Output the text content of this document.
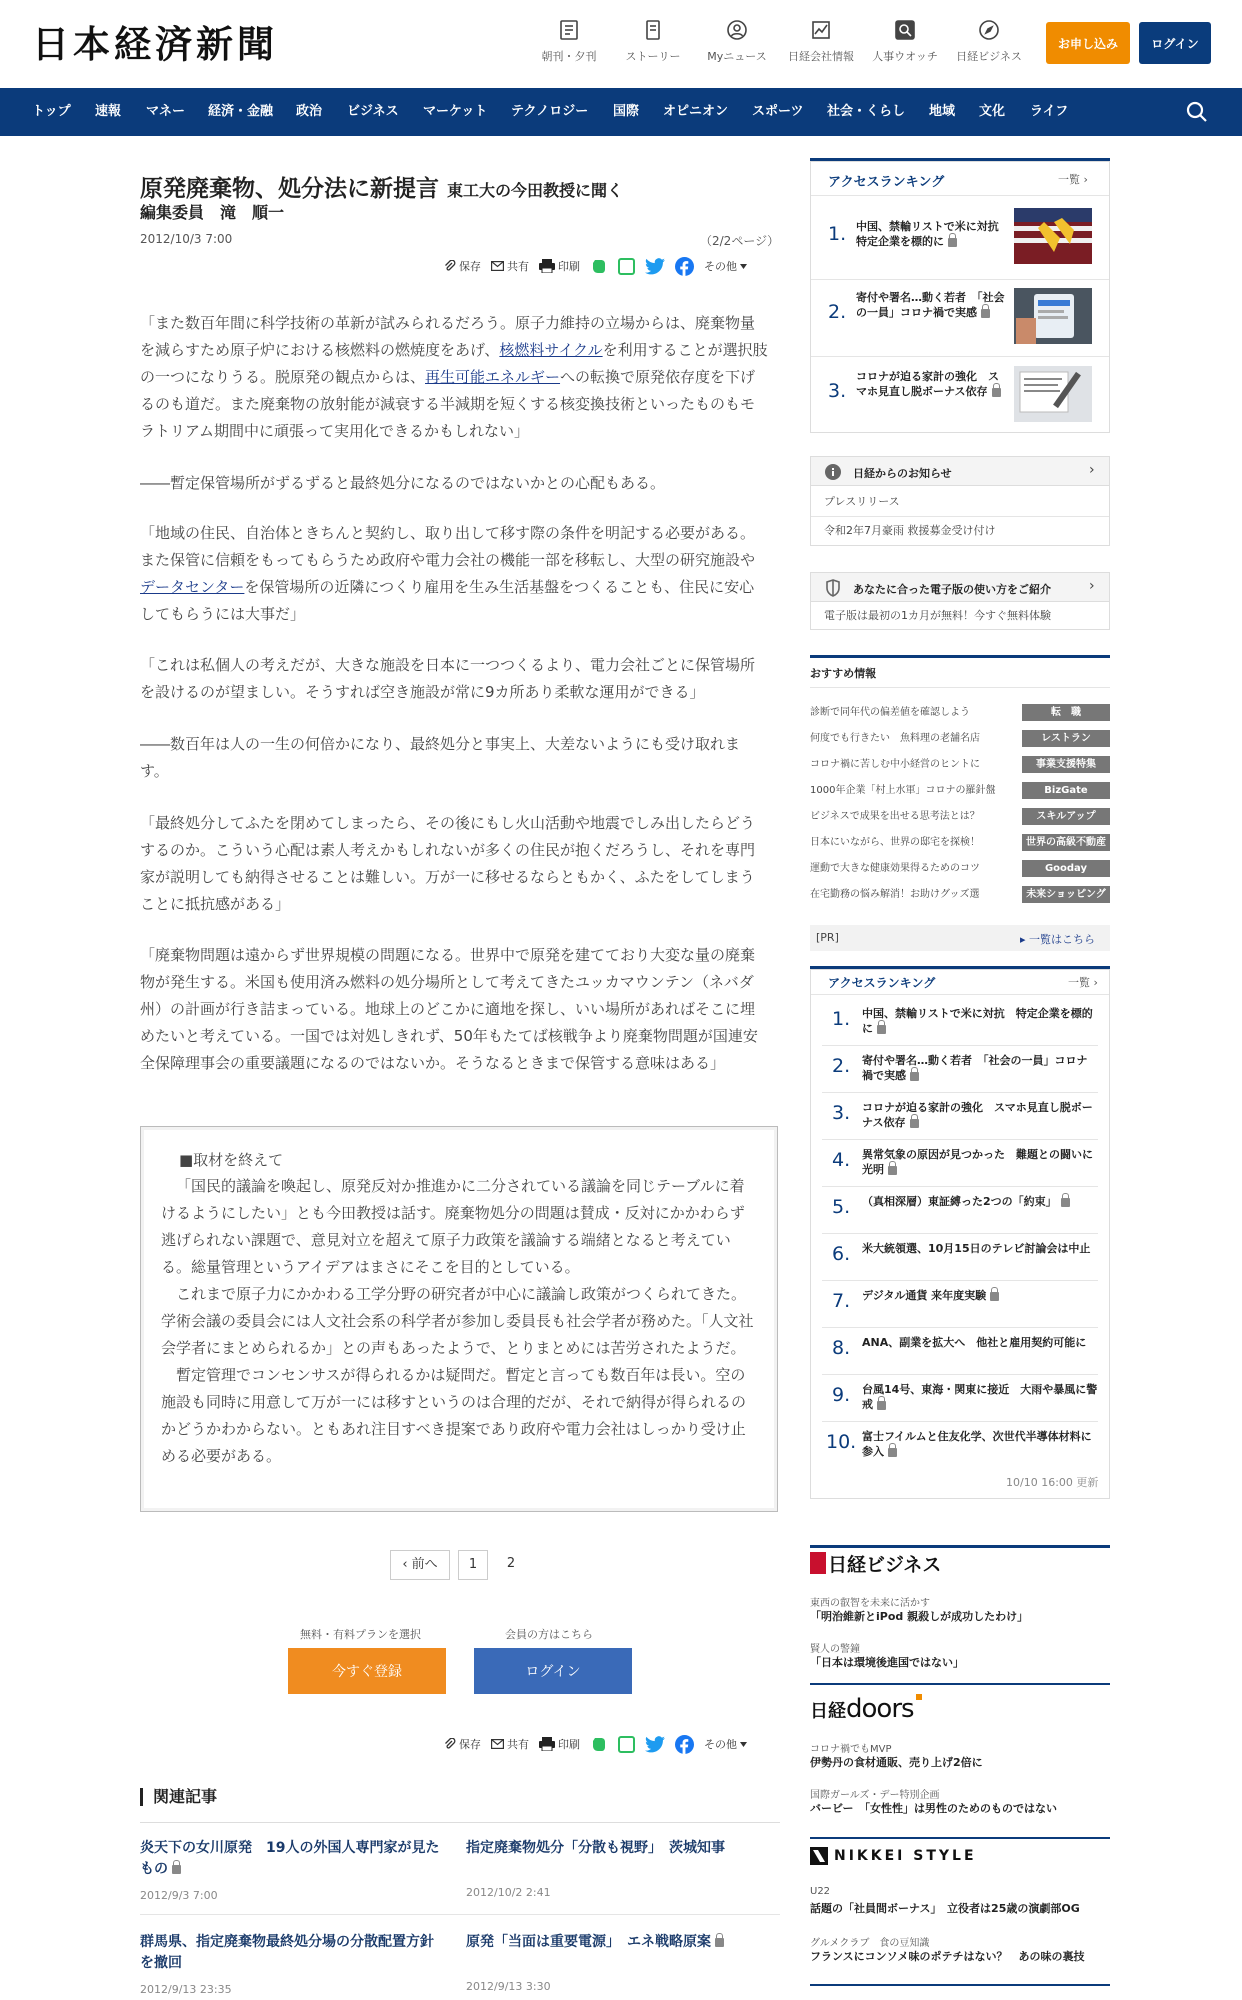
日本経済新聞	朝刊・夕刊	ストーリー	Myニュース	日経会社情報	人事ウオッチ	日経ビジネス
お申し込み	ログイン
トップ 速報 マネー 経済・金融 政治 ビジネス マーケット テクノロジー 国際 オピニオン スポーツ 社会・くらし 地域 文化 ライフ
原発廃棄物、処分法に新提言 東工大の今田教授に聞く
編集委員　滝　順一
2012/10/3 7:00	（2/2ページ）
保存 共有	印刷	その他
「また数百年間に科学技術の革新が試みられるだろう。原子力維持の立場からは、廃棄物量を減らすため原子炉における核燃料の燃焼度をあげ、核燃料サイクルを利用することが選択肢の一つになりうる。脱原発の観点からは、再生可能エネルギーへの転換で原発依存度を下げるのも道だ。また廃棄物の放射能が減衰する半減期を短くする核変換技術といったものもモラトリアム期間中に頑張って実用化できるかもしれない」
――暫定保管場所がずるずると最終処分になるのではないかとの心配もある。
「地域の住民、自治体ときちんと契約し、取り出して移す際の条件を明記する必要がある。また保管に信頼をもってもらうため政府や電力会社の機能一部を移転し、大型の研究施設やデータセンターを保管場所の近隣につくり雇用を生み生活基盤をつくることも、住民に安心してもらうには大事だ」
「これは私個人の考えだが、大きな施設を日本に一つつくるより、電力会社ごとに保管場所を設けるのが望ましい。そうすれば空き施設が常に9カ所あり柔軟な運用ができる」
――数百年は人の一生の何倍かになり、最終処分と事実上、大差ないようにも受け取れます。
「最終処分してふたを閉めてしまったら、その後にもし火山活動や地震でしみ出したらどうするのか。こういう心配は素人考えかもしれないが多くの住民が抱くだろうし、それを専門家が説明しても納得させることは難しい。万が一に移せるならともかく、ふたをしてしまうことに抵抗感がある」
「廃棄物問題は遠からず世界規模の問題になる。世界中で原発を建てており大変な量の廃棄物が発生する。米国も使用済み燃料の処分場所として考えてきたユッカマウンテン（ネバダ州）の計画が行き詰まっている。地球上のどこかに適地を探し、いい場所があればそこに埋めたいと考えている。一国では対処しきれず、50年もたてば核戦争より廃棄物問題が国連安全保障理事会の重要議題になるのではないか。そうなるときまで保管する意味はある」
■取材を終えて
「国民的議論を喚起し、原発反対か推進かに二分されている議論を同じテーブルに着けるようにしたい」とも今田教授は話す。廃棄物処分の問題は賛成・反対にかかわらず逃げられない課題で、意見対立を超えて原子力政策を議論する端緒となると考えている。総量管理というアイデアはまさにそこを目的としている。
これまで原子力にかかわる工学分野の研究者が中心に議論し政策がつくられてきた。学術会議の委員会には人文社会系の科学者が参加し委員長も社会学者が務めた。「人文社会学者にまとめられるか」との声もあったようで、とりまとめには苦労されたようだ。
暫定管理でコンセンサスが得られるかは疑問だ。暫定と言っても数百年は長い。空の施設も同時に用意して万が一には移すというのは合理的だが、それで納得が得られるのかどうかわからない。ともあれ注目すべき提案であり政府や電力会社はしっかり受け止める必要がある。
‹ 前へ	1	2
無料・有料プランを選択	会員の方はこちら
今すぐ登録	ログイン
保存 共有	印刷	その他
関連記事
炎天下の女川原発　19人の外国人専門家が見たもの
2012/9/3 7:00
指定廃棄物処分「分散も視野」　茨城知事
2012/10/2 2:41
群馬県、指定廃棄物最終処分場の分散配置方針を撤回
2012/9/13 23:35
原発「当面は重要電源」　エネ戦略原案
2012/9/13 3:30
アクセスランキング	一覧 ›
1. 中国、禁輸リストで米に対抗　特定企業を標的に
2.
寄付や署名…動く若者　「社会の一員」コロナ禍で実感
3.
コロナが迫る家計の強化　スマホ見直し脱ボーナス依存
日経からのお知らせ	›
プレスリリース
令和2年7月豪雨 救援募金受け付け
あなたに合った電子版の使い方をご紹介	›
電子版は最初の1カ月が無料！今すぐ無料体験
おすすめ情報
診断で同年代の偏差値を確認しよう	転　職
何度でも行きたい　魚料理の老舗名店	レストラン
コロナ禍に苦しむ中小経営のヒントに	事業支援特集
1000年企業「村上水軍」コロナの羅針盤	BizGate
ビジネスで成果を出せる思考法とは？	スキルアップ
日本にいながら、世界の邸宅を探検！	世界の高級不動産
運動で大きな健康効果得るためのコツ	Gooday
在宅勤務の悩み解消！お助けグッズ選	未来ショッピング
[PR]	▸ 一覧はこちら
アクセスランキング	一覧 ›
1. 中国、禁輸リストで米に対抗　特定企業を標的に
2. 寄付や署名…動く若者　「社会の一員」コロナ禍で実感
3. コロナが迫る家計の強化　スマホ見直し脱ボーナス依存
4. 異常気象の原因が見つかった　難題との闘いに光明
5. （真相深層）東証縛った2つの「約束」
6. 米大統領選、10月15日のテレビ討論会は中止
7. デジタル通貨 来年度実験
8. ANA、副業を拡大へ　他社と雇用契約可能に
9. 台風14号、東海・関東に接近　大雨や暴風に警戒
10. 富士フイルムと住友化学、次世代半導体材料に参入
10/10 16:00 更新
日経ビジネス
東西の叡智を未来に活かす
「明治維新とiPod 親殺しが成功したわけ」
賢人の警鐘
「日本は環境後進国ではない」
日経doors
コロナ禍でもMVP
伊勢丹の食材通販、売り上げ2倍に
国際ガールズ・デー特別企画
バービー　「女性性」は男性のためのものではない
NIKKEI STYLE
U22
話題の「社員間ボーナス」　立役者は25歳の演劇部OG
グルメクラブ　食の豆知識
フランスにコンソメ味のポテチはない？　あの味の裏技
